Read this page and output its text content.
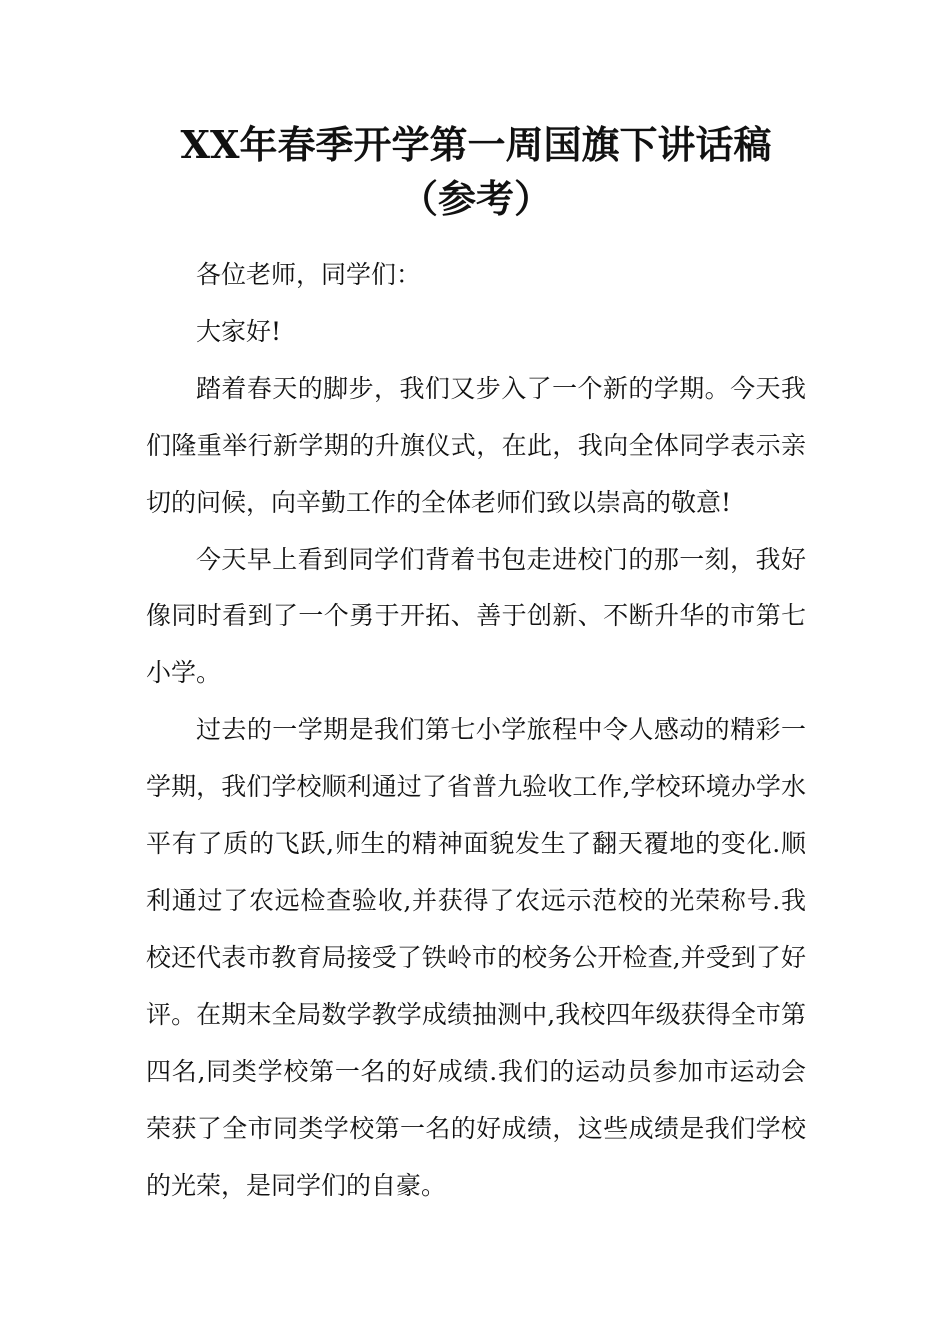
XX年春季开学第一周国旗下讲话稿（参考）

各位老师，同学们：

大家好!

踏着春天的脚步，我们又步入了一个新的学期。今天我们隆重举行新学期的升旗仪式，在此，我向全体同学表示亲切的问候，向辛勤工作的全体老师们致以崇高的敬意!

今天早上看到同学们背着书包走进校门的那一刻，我好像同时看到了一个勇于开拓、善于创新、不断升华的市第七小学。

过去的一学期是我们第七小学旅程中令人感动的精彩一学期，我们学校顺利通过了省普九验收工作,学校环境办学水平有了质的飞跃,师生的精神面貌发生了翻天覆地的变化.顺利通过了农远检查验收,并获得了农远示范校的光荣称号.我校还代表市教育局接受了铁岭市的校务公开检查,并受到了好评。在期末全局数学教学成绩抽测中,我校四年级获得全市第四名,同类学校第一名的好成绩.我们的运动员参加市运动会荣获了全市同类学校第一名的好成绩，这些成绩是我们学校的光荣，是同学们的自豪。
